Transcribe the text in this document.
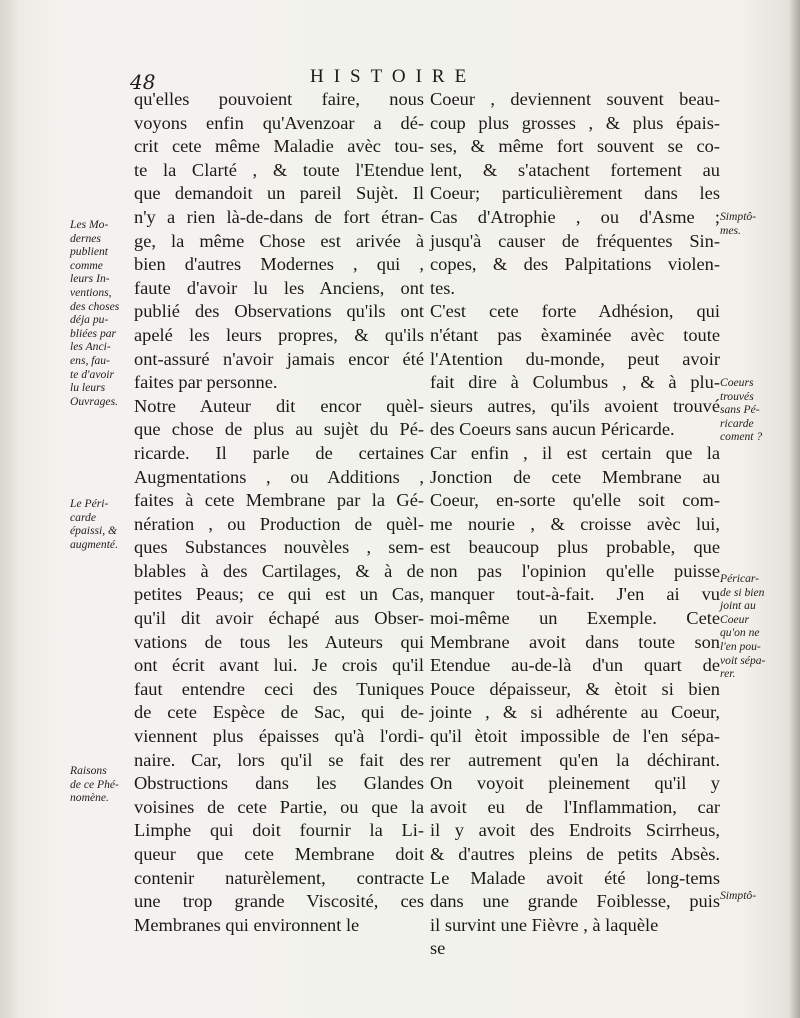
48	HISTOIRE
qu'elles pouvoient faire, nous
voyons enfin qu'Avenzoar a dé-
crit cete même Maladie avèc tou-
te la Clarté , & toute l'Etendue
que demandoit un pareil Sujèt. Il
n'y a rien là-de-dans de fort étran-
ge, la même Chose est arivée à
bien d'autres Modernes , qui ,
faute d'avoir lu les Anciens, ont
publié des Observations qu'ils ont
apelé les leurs propres, & qu'ils
ont-assuré n'avoir jamais encor été
faites par personne.
Notre Auteur dit encor quèl-
que chose de plus au sujèt du Pé-
ricarde. Il parle de certaines
Augmentations , ou Additions ,
faites à cete Membrane par la Gé-
nération , ou Production de quèl-
ques Substances nouvèles , sem-
blables à des Cartilages, & à de
petites Peaus; ce qui est un Cas,
qu'il dit avoir échapé aus Obser-
vations de tous les Auteurs qui
ont écrit avant lui. Je crois qu'il
faut entendre ceci des Tuniques
de cete Espèce de Sac, qui de-
viennent plus épaisses qu'à l'ordi-
naire. Car, lors qu'il se fait des
Obstructions dans les Glandes
voisines de cete Partie, ou que la
Limphe qui doit fournir la Li-
queur que cete Membrane doit
contenir naturèlement, contracte
une trop grande Viscosité, ces
Membranes qui environnent le
Coeur , deviennent souvent beau-
coup plus grosses , & plus épais-
ses, & même fort souvent se co-
lent, & s'atachent fortement au
Coeur; particulièrement dans les
Cas d'Atrophie , ou d'Asme ;
jusqu'à causer de fréquentes Sin-
copes, & des Palpitations violen-
tes.
C'est cete forte Adhésion, qui
n'étant pas èxaminée avèc toute
l'Atention du-monde, peut avoir
fait dire à Columbus , & à plu-
sieurs autres, qu'ils avoient trouvé
des Coeurs sans aucun Péricarde.
Car enfin , il est certain que la
Jonction de cete Membrane au
Coeur, en-sorte qu'elle soit com-
me nourie , & croisse avèc lui,
est beaucoup plus probable, que
non pas l'opinion qu'elle puisse
manquer tout-à-fait. J'en ai vu
moi-même un Exemple. Cete
Membrane avoit dans toute son
Etendue au-de-là d'un quart de
Pouce dépaisseur, & ètoit si bien
jointe , & si adhérente au Coeur,
qu'il ètoit impossible de l'en sépa-
rer autrement qu'en la déchirant.
On voyoit pleinement qu'il y
avoit eu de l'Inflammation, car
il y avoit des Endroits Scirrheus,
& d'autres pleins de petits Absès.
Le Malade avoit été long-tems
dans une grande Foiblesse, puis
il survint une Fièvre , à laquèle
se
Les Mo-
dernes
publient
comme
leurs In-
ventions,
des choses
déja pu-
bliées par
les Anci-
ens, fau-
te d'avoir
lu leurs
Ouvrages.
Le Péri-
carde
épaissi, &
augmenté.
Raisons
de ce Phé-
nomène.
Simptô-
mes.
Coeurs
trouvés
sans Pé-
ricarde
coment ?
Péricar-
de si bien
joint au
Coeur
qu'on ne
l'en pou-
voit sépa-
rer.
Simptô-
